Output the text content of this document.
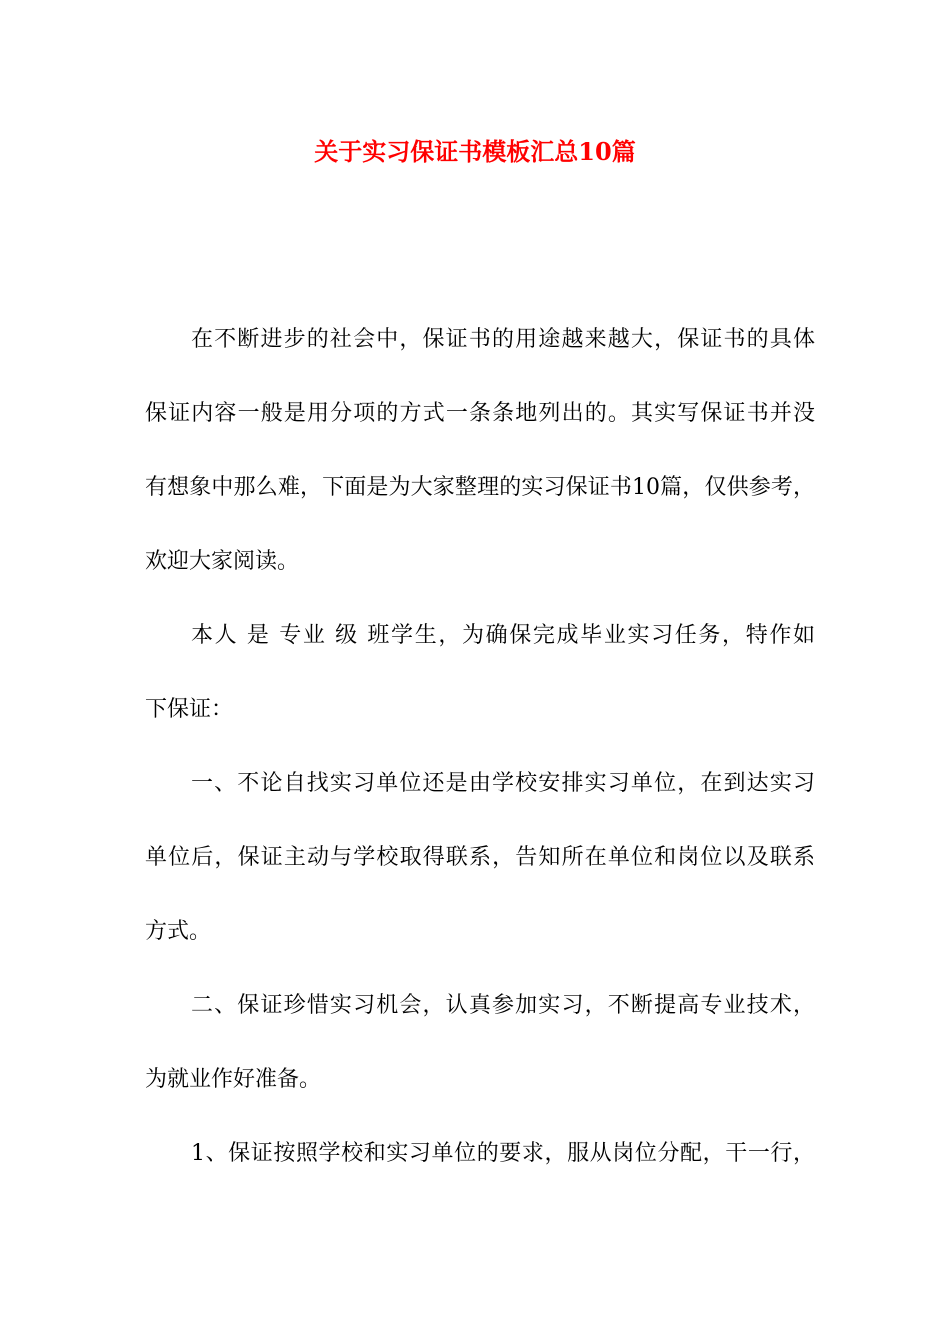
关于实习保证书模板汇总10篇

在不断进步的社会中，保证书的用途越来越大，保证书的具体

保证内容一般是用分项的方式一条条地列出的。其实写保证书并没

有想象中那么难，下面是为大家整理的实习保证书10篇，仅供参考，

欢迎大家阅读。

本人 是 专业 级 班学生，为确保完成毕业实习任务，特作如

下保证：

一、不论自找实习单位还是由学校安排实习单位，在到达实习

单位后，保证主动与学校取得联系，告知所在单位和岗位以及联系

方式。

二、保证珍惜实习机会，认真参加实习，不断提高专业技术，

为就业作好准备。

1、保证按照学校和实习单位的要求，服从岗位分配，干一行，
